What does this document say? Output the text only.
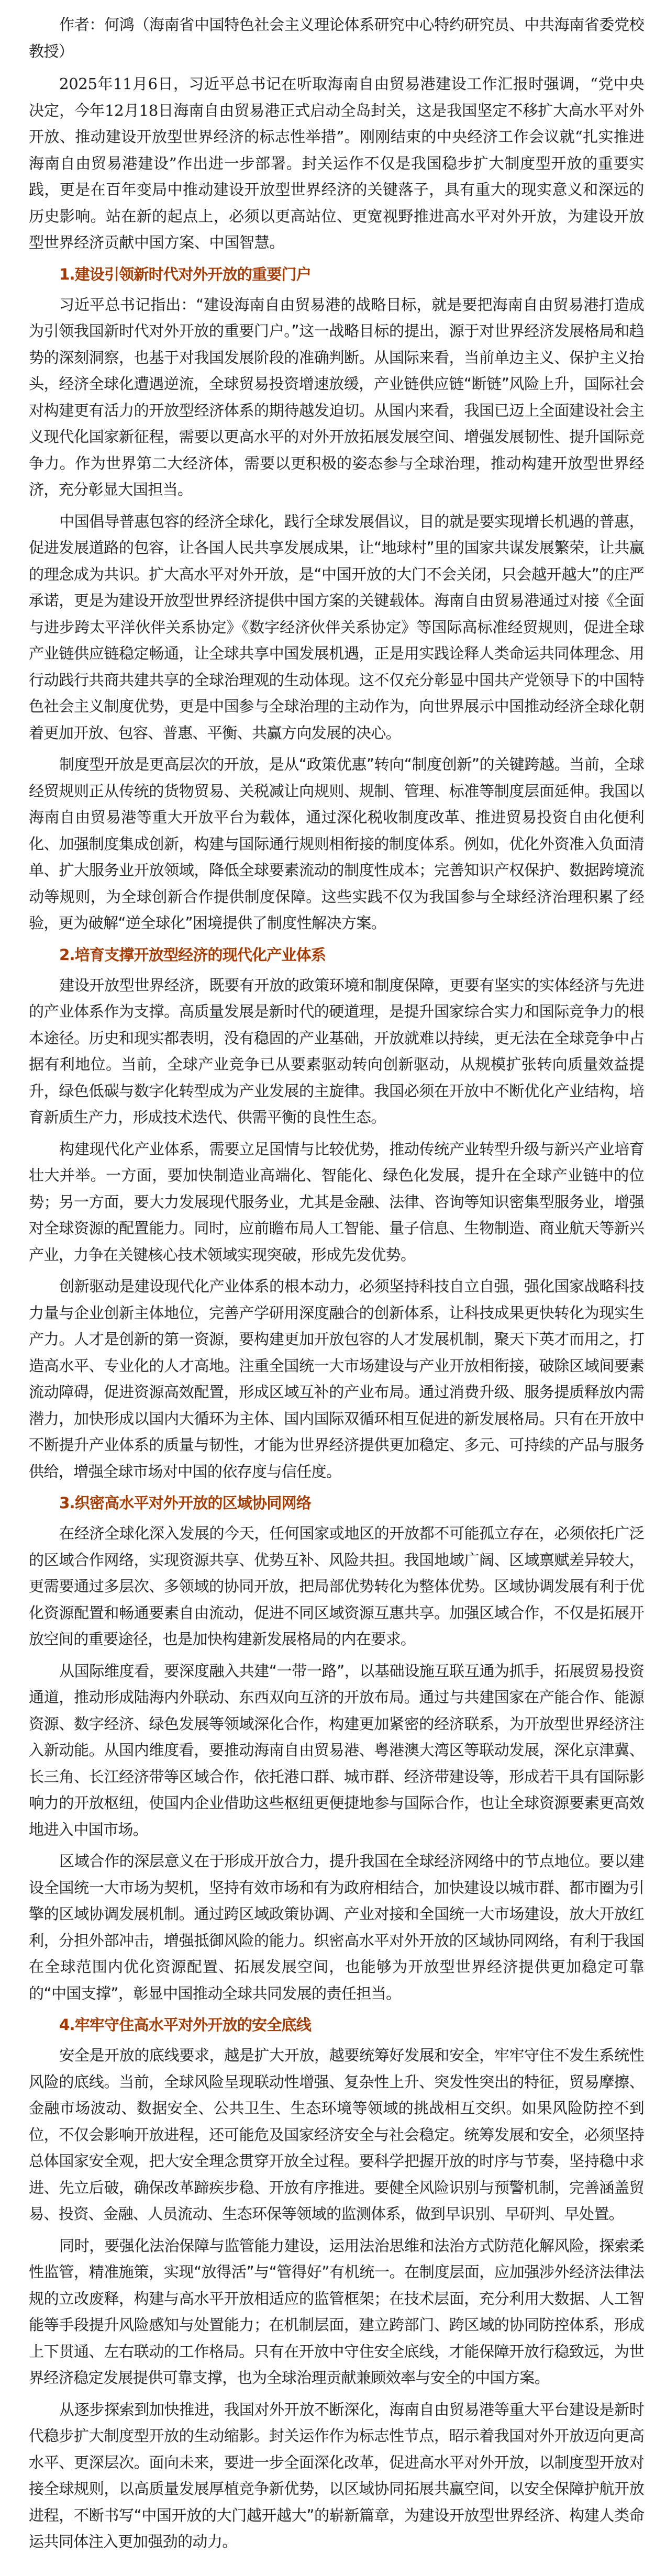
作者：何鸿（海南省中国特色社会主义理论体系研究中心特约研究员、中共海南省委党校教授）

2025年11月6日，习近平总书记在听取海南自由贸易港建设工作汇报时强调，“党中央决定，今年12月18日海南自由贸易港正式启动全岛封关，这是我国坚定不移扩大高水平对外开放、推动建设开放型世界经济的标志性举措”。刚刚结束的中央经济工作会议就“扎实推进海南自由贸易港建设”作出进一步部署。封关运作不仅是我国稳步扩大制度型开放的重要实践，更是在百年变局中推动建设开放型世界经济的关键落子，具有重大的现实意义和深远的历史影响。站在新的起点上，必须以更高站位、更宽视野推进高水平对外开放，为建设开放型世界经济贡献中国方案、中国智慧。

1.建设引领新时代对外开放的重要门户

习近平总书记指出：“建设海南自由贸易港的战略目标，就是要把海南自由贸易港打造成为引领我国新时代对外开放的重要门户。”这一战略目标的提出，源于对世界经济发展格局和趋势的深刻洞察，也基于对我国发展阶段的准确判断。从国际来看，当前单边主义、保护主义抬头，经济全球化遭遇逆流，全球贸易投资增速放缓，产业链供应链“断链”风险上升，国际社会对构建更有活力的开放型经济体系的期待越发迫切。从国内来看，我国已迈上全面建设社会主义现代化国家新征程，需要以更高水平的对外开放拓展发展空间、增强发展韧性、提升国际竞争力。作为世界第二大经济体，需要以更积极的姿态参与全球治理，推动构建开放型世界经济，充分彰显大国担当。

中国倡导普惠包容的经济全球化，践行全球发展倡议，目的就是要实现增长机遇的普惠，促进发展道路的包容，让各国人民共享发展成果，让“地球村”里的国家共谋发展繁荣，让共赢的理念成为共识。扩大高水平对外开放，是“中国开放的大门不会关闭，只会越开越大”的庄严承诺，更是为建设开放型世界经济提供中国方案的关键载体。海南自由贸易港通过对接《全面与进步跨太平洋伙伴关系协定》《数字经济伙伴关系协定》等国际高标准经贸规则，促进全球产业链供应链稳定畅通，让全球共享中国发展机遇，正是用实践诠释人类命运共同体理念、用行动践行共商共建共享的全球治理观的生动体现。这不仅充分彰显中国共产党领导下的中国特色社会主义制度优势，更是中国参与全球治理的主动作为，向世界展示中国推动经济全球化朝着更加开放、包容、普惠、平衡、共赢方向发展的决心。

制度型开放是更高层次的开放，是从“政策优惠”转向“制度创新”的关键跨越。当前，全球经贸规则正从传统的货物贸易、关税减让向规则、规制、管理、标准等制度层面延伸。我国以海南自由贸易港等重大开放平台为载体，通过深化税收制度改革、推进贸易投资自由化便利化、加强制度集成创新，构建与国际通行规则相衔接的制度体系。例如，优化外资准入负面清单、扩大服务业开放领域，降低全球要素流动的制度性成本；完善知识产权保护、数据跨境流动等规则，为全球创新合作提供制度保障。这些实践不仅为我国参与全球经济治理积累了经验，更为破解“逆全球化”困境提供了制度性解决方案。

2.培育支撑开放型经济的现代化产业体系

建设开放型世界经济，既要有开放的政策环境和制度保障，更要有坚实的实体经济与先进的产业体系作为支撑。高质量发展是新时代的硬道理，是提升国家综合实力和国际竞争力的根本途径。历史和现实都表明，没有稳固的产业基础，开放就难以持续，更无法在全球竞争中占据有利地位。当前，全球产业竞争已从要素驱动转向创新驱动，从规模扩张转向质量效益提升，绿色低碳与数字化转型成为产业发展的主旋律。我国必须在开放中不断优化产业结构，培育新质生产力，形成技术迭代、供需平衡的良性生态。

构建现代化产业体系，需要立足国情与比较优势，推动传统产业转型升级与新兴产业培育壮大并举。一方面，要加快制造业高端化、智能化、绿色化发展，提升在全球产业链中的位势；另一方面，要大力发展现代服务业，尤其是金融、法律、咨询等知识密集型服务业，增强对全球资源的配置能力。同时，应前瞻布局人工智能、量子信息、生物制造、商业航天等新兴产业，力争在关键核心技术领域实现突破，形成先发优势。

创新驱动是建设现代化产业体系的根本动力，必须坚持科技自立自强，强化国家战略科技力量与企业创新主体地位，完善产学研用深度融合的创新体系，让科技成果更快转化为现实生产力。人才是创新的第一资源，要构建更加开放包容的人才发展机制，聚天下英才而用之，打造高水平、专业化的人才高地。注重全国统一大市场建设与产业开放相衔接，破除区域间要素流动障碍，促进资源高效配置，形成区域互补的产业布局。通过消费升级、服务提质释放内需潜力，加快形成以国内大循环为主体、国内国际双循环相互促进的新发展格局。只有在开放中不断提升产业体系的质量与韧性，才能为世界经济提供更加稳定、多元、可持续的产品与服务供给，增强全球市场对中国的依存度与信任度。

3.织密高水平对外开放的区域协同网络

在经济全球化深入发展的今天，任何国家或地区的开放都不可能孤立存在，必须依托广泛的区域合作网络，实现资源共享、优势互补、风险共担。我国地域广阔、区域禀赋差异较大，更需要通过多层次、多领域的协同开放，把局部优势转化为整体优势。区域协调发展有利于优化资源配置和畅通要素自由流动，促进不同区域资源互惠共享。加强区域合作，不仅是拓展开放空间的重要途径，也是加快构建新发展格局的内在要求。

从国际维度看，要深度融入共建“一带一路”，以基础设施互联互通为抓手，拓展贸易投资通道，推动形成陆海内外联动、东西双向互济的开放布局。通过与共建国家在产能合作、能源资源、数字经济、绿色发展等领域深化合作，构建更加紧密的经济联系，为开放型世界经济注入新动能。从国内维度看，要推动海南自由贸易港、粤港澳大湾区等联动发展，深化京津冀、长三角、长江经济带等区域合作，依托港口群、城市群、经济带建设等，形成若干具有国际影响力的开放枢纽，使国内企业借助这些枢纽更便捷地参与国际合作，也让全球资源要素更高效地进入中国市场。

区域合作的深层意义在于形成开放合力，提升我国在全球经济网络中的节点地位。要以建设全国统一大市场为契机，坚持有效市场和有为政府相结合，加快建设以城市群、都市圈为引擎的区域协调发展机制。通过跨区域政策协调、产业对接和全国统一大市场建设，放大开放红利，分担外部冲击，增强抵御风险的能力。织密高水平对外开放的区域协同网络，有利于我国在全球范围内优化资源配置、拓展发展空间，也能够为开放型世界经济提供更加稳定可靠的“中国支撑”，彰显中国推动全球共同发展的责任担当。

4.牢牢守住高水平对外开放的安全底线

安全是开放的底线要求，越是扩大开放，越要统筹好发展和安全，牢牢守住不发生系统性风险的底线。当前，全球风险呈现联动性增强、复杂性上升、突发性突出的特征，贸易摩擦、金融市场波动、数据安全、公共卫生、生态环境等领域的挑战相互交织。如果风险防控不到位，不仅会影响开放进程，还可能危及国家经济安全与社会稳定。统筹发展和安全，必须坚持总体国家安全观，把大安全理念贯穿开放全过程。要科学把握开放的时序与节奏，坚持稳中求进、先立后破，确保改革蹄疾步稳、开放有序推进。要健全风险识别与预警机制，完善涵盖贸易、投资、金融、人员流动、生态环保等领域的监测体系，做到早识别、早研判、早处置。

同时，要强化法治保障与监管能力建设，运用法治思维和法治方式防范化解风险，探索柔性监管，精准施策，实现“放得活”与“管得好”有机统一。在制度层面，应加强涉外经济法律法规的立改废释，构建与高水平开放相适应的监管框架；在技术层面，充分利用大数据、人工智能等手段提升风险感知与处置能力；在机制层面，建立跨部门、跨区域的协同防控体系，形成上下贯通、左右联动的工作格局。只有在开放中守住安全底线，才能保障开放行稳致远，为世界经济稳定发展提供可靠支撑，也为全球治理贡献兼顾效率与安全的中国方案。

从逐步探索到加快推进，我国对外开放不断深化，海南自由贸易港等重大平台建设是新时代稳步扩大制度型开放的生动缩影。封关运作作为标志性节点，昭示着我国对外开放迈向更高水平、更深层次。面向未来，要进一步全面深化改革，促进高水平对外开放，以制度型开放对接全球规则，以高质量发展厚植竞争新优势，以区域协同拓展共赢空间，以安全保障护航开放进程，不断书写“中国开放的大门越开越大”的崭新篇章，为建设开放型世界经济、构建人类命运共同体注入更加强劲的动力。
